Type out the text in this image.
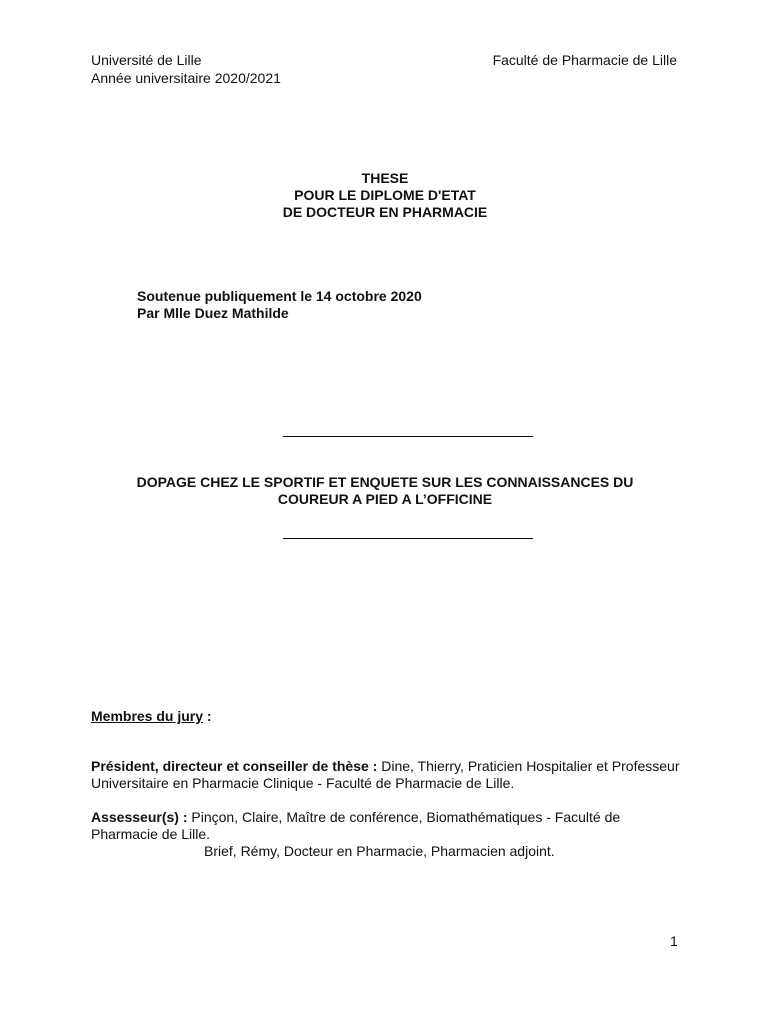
Université de Lille	Faculté de Pharmacie de Lille
Année universitaire 2020/2021
THESE
POUR LE DIPLOME D'ETAT
DE DOCTEUR EN PHARMACIE
Soutenue publiquement le 14 octobre 2020
Par Mlle Duez Mathilde
DOPAGE CHEZ LE SPORTIF ET ENQUETE SUR LES CONNAISSANCES DU
COUREUR A PIED A L’OFFICINE
Membres du jury :
Président, directeur et conseiller de thèse : Dine, Thierry, Praticien Hospitalier et Professeur Universitaire en Pharmacie Clinique - Faculté de Pharmacie de Lille.
Assesseur(s) : Pinçon, Claire, Maître de conférence, Biomathématiques - Faculté de Pharmacie de Lille.
Brief, Rémy, Docteur en Pharmacie, Pharmacien adjoint.
1
